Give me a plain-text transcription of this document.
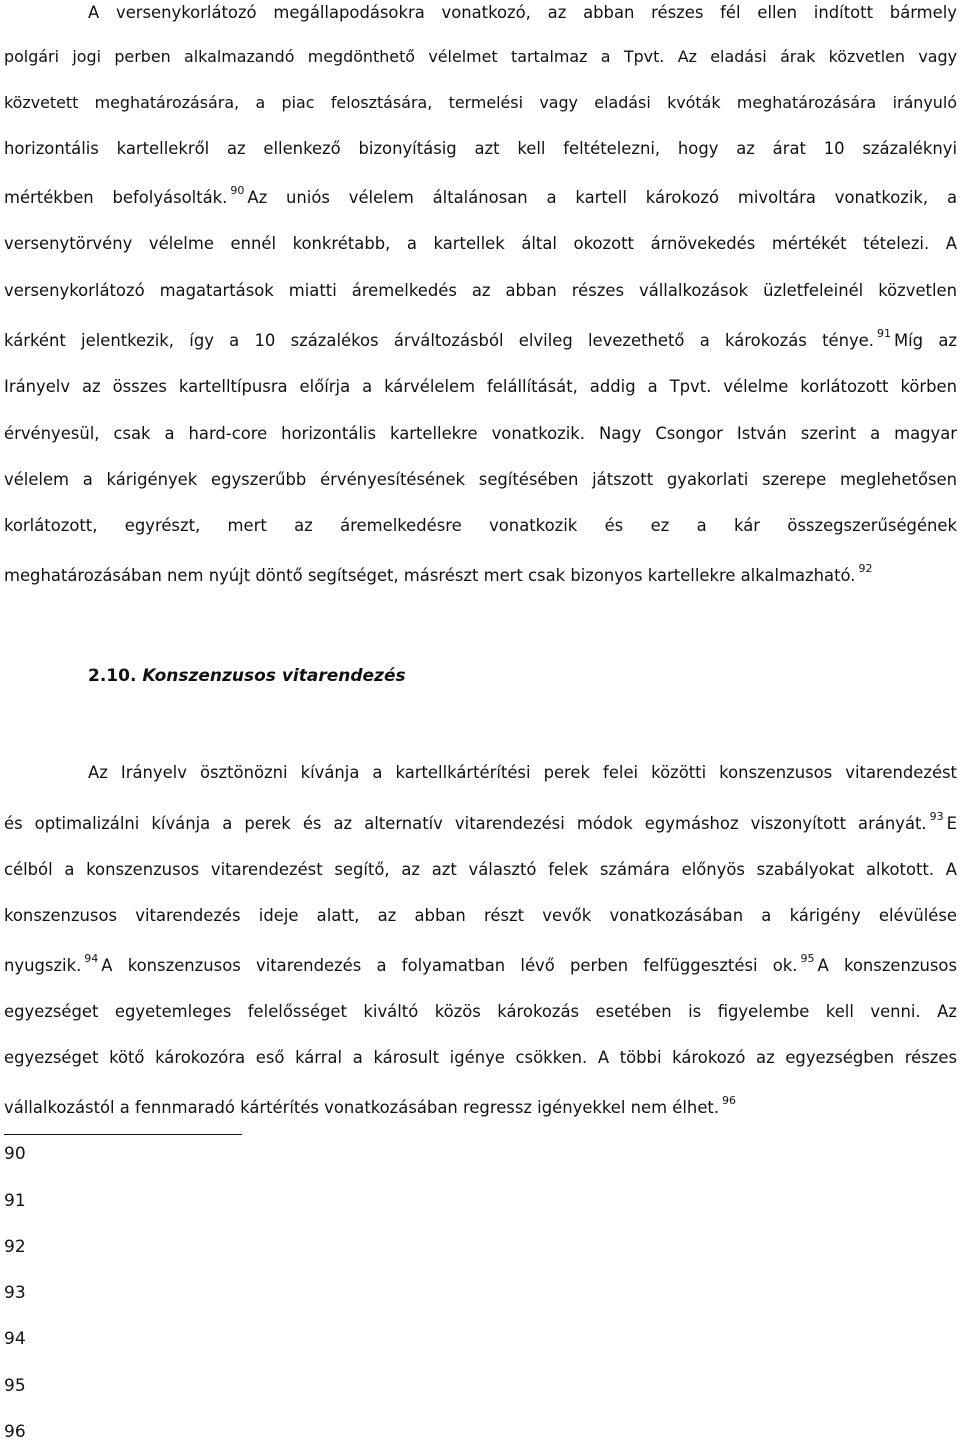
A versenykorlátozó megállapodásokra vonatkozó, az abban részes fél ellen indított bármely
polgári jogi perben alkalmazandó megdönthető vélelmet tartalmaz a Tpvt. Az eladási árak közvetlen vagy
közvetett meghatározására, a piac felosztására, termelési vagy eladási kvóták meghatározására irányuló
horizontális kartellekről az ellenkező bizonyításig azt kell feltételezni, hogy az árat 10 százaléknyi
mértékben befolyásolták. $^{90}$ Az uniós vélelem általánosan a kartell károkozó mivoltára vonatkozik, a
versenytörvény vélelme ennél konkrétabb, a kartellek által okozott árnövekedés mértékét tételezi. A
versenykorlátozó magatartások miatti áremelkedés az abban részes vállalkozások üzletfeleinél közvetlen
kárként jelentkezik, így a 10 százalékos árváltozásból elvileg levezethető a károkozás ténye. $^{91}$ Míg az
Irányelv az összes kartelltípusra előírja a kárvélelem felállítását, addig a Tpvt. vélelme korlátozott körben
érvényesül, csak a hard-core horizontális kartellekre vonatkozik. Nagy Csongor István szerint a magyar
vélelem a kárigények egyszerűbb érvényesítésének segítésében játszott gyakorlati szerepe meglehetősen
korlátozott, egyrészt, mert az áremelkedésre vonatkozik és ez a kár összegszerűségének
meghatározásában nem nyújt döntő segítséget, másrészt mert csak bizonyos kartellekre alkalmazható. $^{92}$
2.10. Konszenzusos vitarendezés
Az Irányelv ösztönözni kívánja a kartellkártérítési perek felei közötti konszenzusos vitarendezést
és optimalizálni kívánja a perek és az alternatív vitarendezési módok egymáshoz viszonyított arányát. $^{93}$ E
célból a konszenzusos vitarendezést segítő, az azt választó felek számára előnyös szabályokat alkotott. A
konszenzusos vitarendezés ideje alatt, az abban részt vevők vonatkozásában a kárigény elévülése
nyugszik. $^{94}$ A konszenzusos vitarendezés a folyamatban lévő perben felfüggesztési ok. $^{95}$ A konszenzusos
egyezséget egyetemleges felelősséget kiváltó közös károkozás esetében is figyelembe kell venni. Az
egyezséget kötő károkozóra eső kárral a károsult igénye csökken. A többi károkozó az egyezségben részes
vállalkozástól a fennmaradó kártérítés vonatkozásában regressz igényekkel nem élhet. $^{96}$
90
91
92
93
94
95
96
